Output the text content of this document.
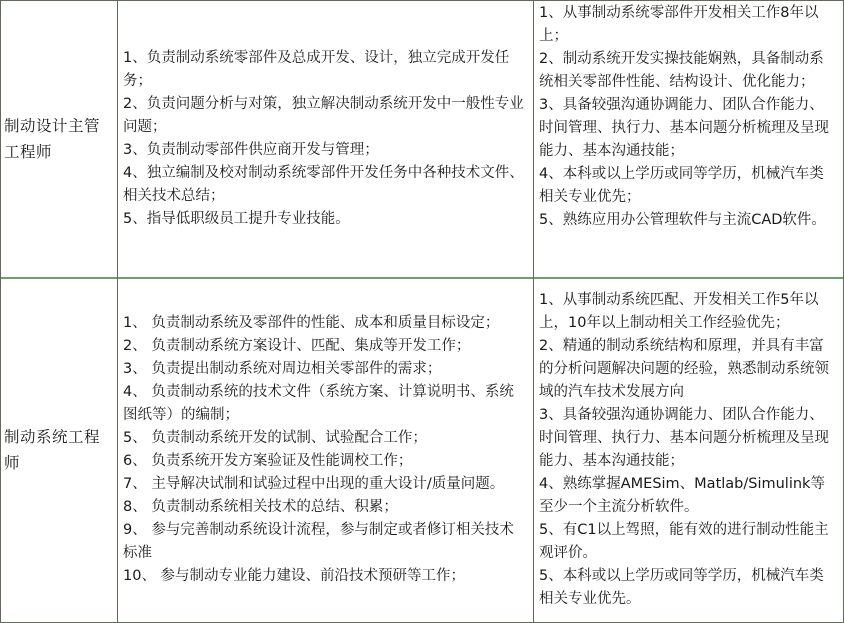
制动设计主管工程师

1、负责制动系统零部件及总成开发、设计，独立完成开发任务；

2、负责问题分析与对策，独立解决制动系统开发中一般性专业问题；

3、负责制动零部件供应商开发与管理；

4、独立编制及校对制动系统零部件开发任务中各种技术文件、相关技术总结；

5、指导低职级员工提升专业技能。

1、从事制动系统零部件开发相关工作8年以上；

2、制动系统开发实操技能娴熟，具备制动系统相关零部件性能、结构设计、优化能力；

3、具备较强沟通协调能力、团队合作能力、时间管理、执行力、基本问题分析梳理及呈现能力、基本沟通技能；

4、本科或以上学历或同等学历，机械汽车类相关专业优先；

5、熟练应用办公管理软件与主流CAD软件。

制动系统工程师

1、 负责制动系统及零部件的性能、成本和质量目标设定；

2、 负责制动系统方案设计、匹配、集成等开发工作；

3、 负责提出制动系统对周边相关零部件的需求；

4、 负责制动系统的技术文件（系统方案、计算说明书、系统图纸等）的编制；

5、 负责制动系统开发的试制、试验配合工作；

6、 负责系统开发方案验证及性能调校工作；

7、 主导解决试制和试验过程中出现的重大设计/质量问题。

8、 负责制动系统相关技术的总结、积累；

9、 参与完善制动系统设计流程，参与制定或者修订相关技术标准

10、 参与制动专业能力建设、前沿技术预研等工作；

1、从事制动系统匹配、开发相关工作5年以上，10年以上制动相关工作经验优先；

2、精通的制动系统结构和原理，并具有丰富的分析问题解决问题的经验，熟悉制动系统领域的汽车技术发展方向

3、具备较强沟通协调能力、团队合作能力、时间管理、执行力、基本问题分析梳理及呈现能力、基本沟通技能；

4、熟练掌握AMESim、Matlab/Simulink等至少一个主流分析软件。

5、有C1以上驾照，能有效的进行制动性能主观评价。

5、本科或以上学历或同等学历，机械汽车类相关专业优先。
